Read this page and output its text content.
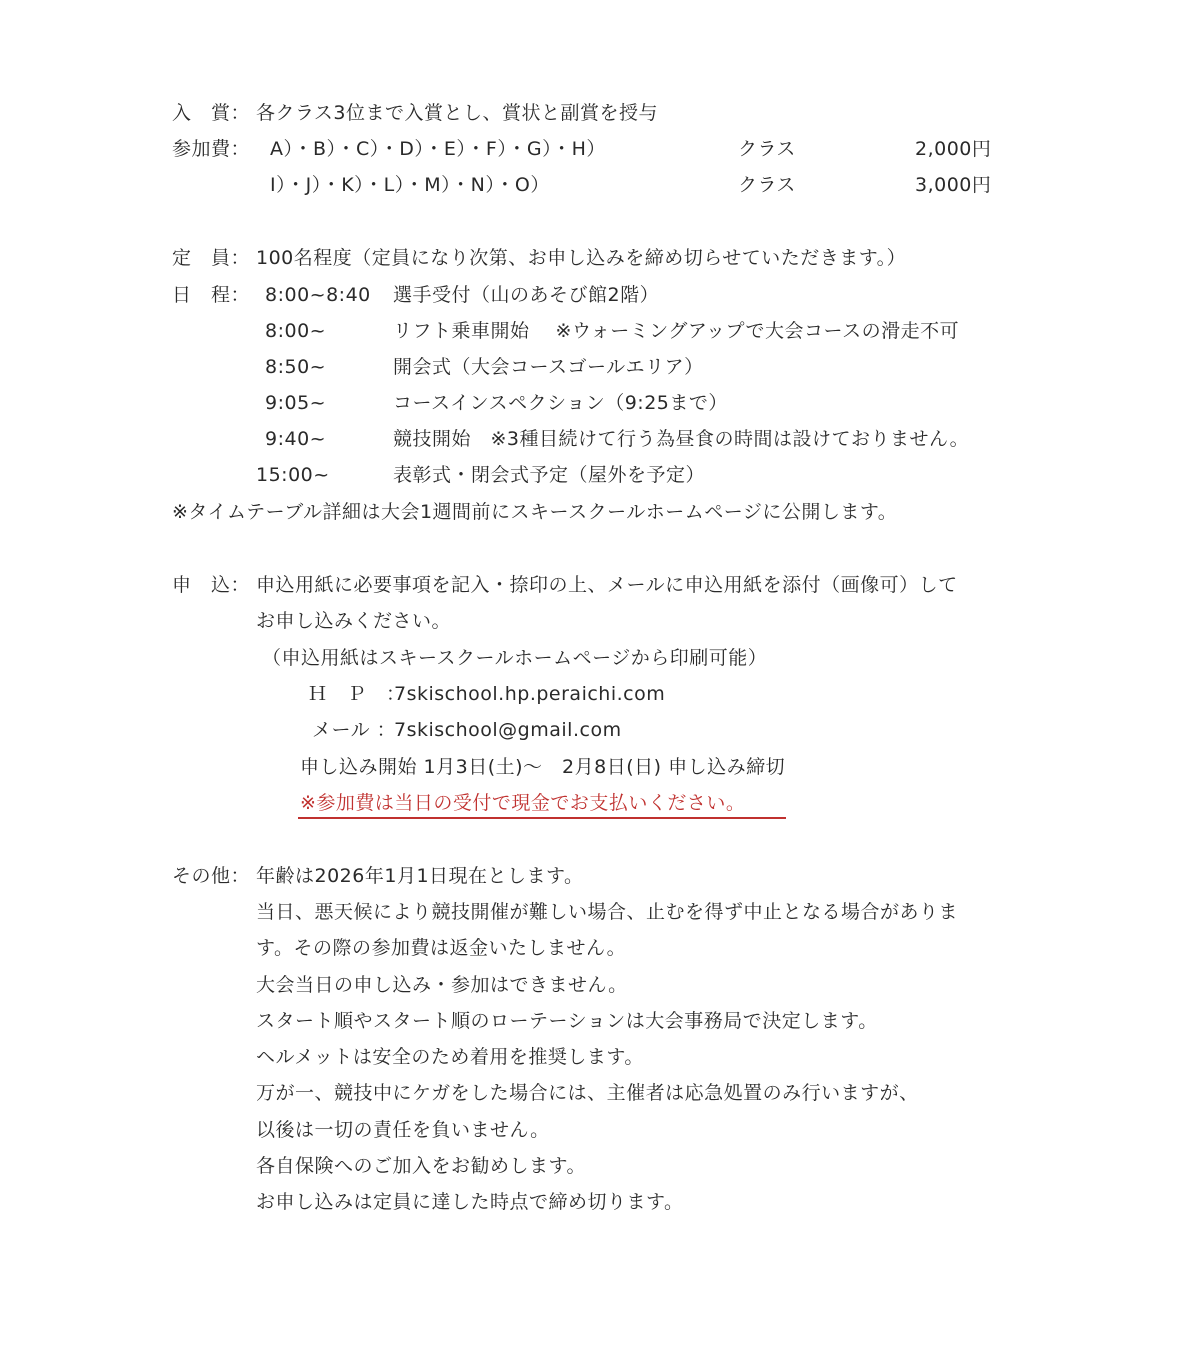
入　賞： 各クラス3位まで入賞とし、賞状と副賞を授与
参加費： A）・B）・C）・D）・E）・F）・G）・H）	クラス	2,000円
I）・J）・K）・L）・M）・N）・O）	クラス	3,000円
定　員： 100名程度（定員になり次第、お申し込みを締め切らせていただきます。）
日　程： 8:00~8:40 選手受付（山のあそび館2階）
8:00~	リフト乗車開始　 ※ウォーミングアップで大会コースの滑走不可
8:50~	開会式（大会コースゴールエリア）
9:05~	コースインスペクション（9:25まで）
9:40~	競技開始　※3種目続けて行う為昼食の時間は設けておりません。
15:00~	表彰式・閉会式予定（屋外を予定）
※タイムテーブル詳細は大会1週間前にスキースクールホームページに公開します。
申　込： 申込用紙に必要事項を記入・捺印の上、メールに申込用紙を添付（画像可）して
お申し込みください。
（申込用紙はスキースクールホームページから印刷可能）
Ｈ　Ｐ　：
7skischool.hp.peraichi.com
メール ：
7skischool@gmail.com
申し込み開始 1月3日(土)～　2月8日(日) 申し込み締切
※参加費は当日の受付で現金でお支払いください。
その他： 年齢は2026年1月1日現在とします。
当日、悪天候により競技開催が難しい場合、止むを得ず中止となる場合がありま
す。その際の参加費は返金いたしません。
大会当日の申し込み・参加はできません。
スタート順やスタート順のローテーションは大会事務局で決定します。
ヘルメットは安全のため着用を推奨します。
万が一、競技中にケガをした場合には、主催者は応急処置のみ行いますが、
以後は一切の責任を負いません。
各自保険へのご加入をお勧めします。
お申し込みは定員に達した時点で締め切ります。
